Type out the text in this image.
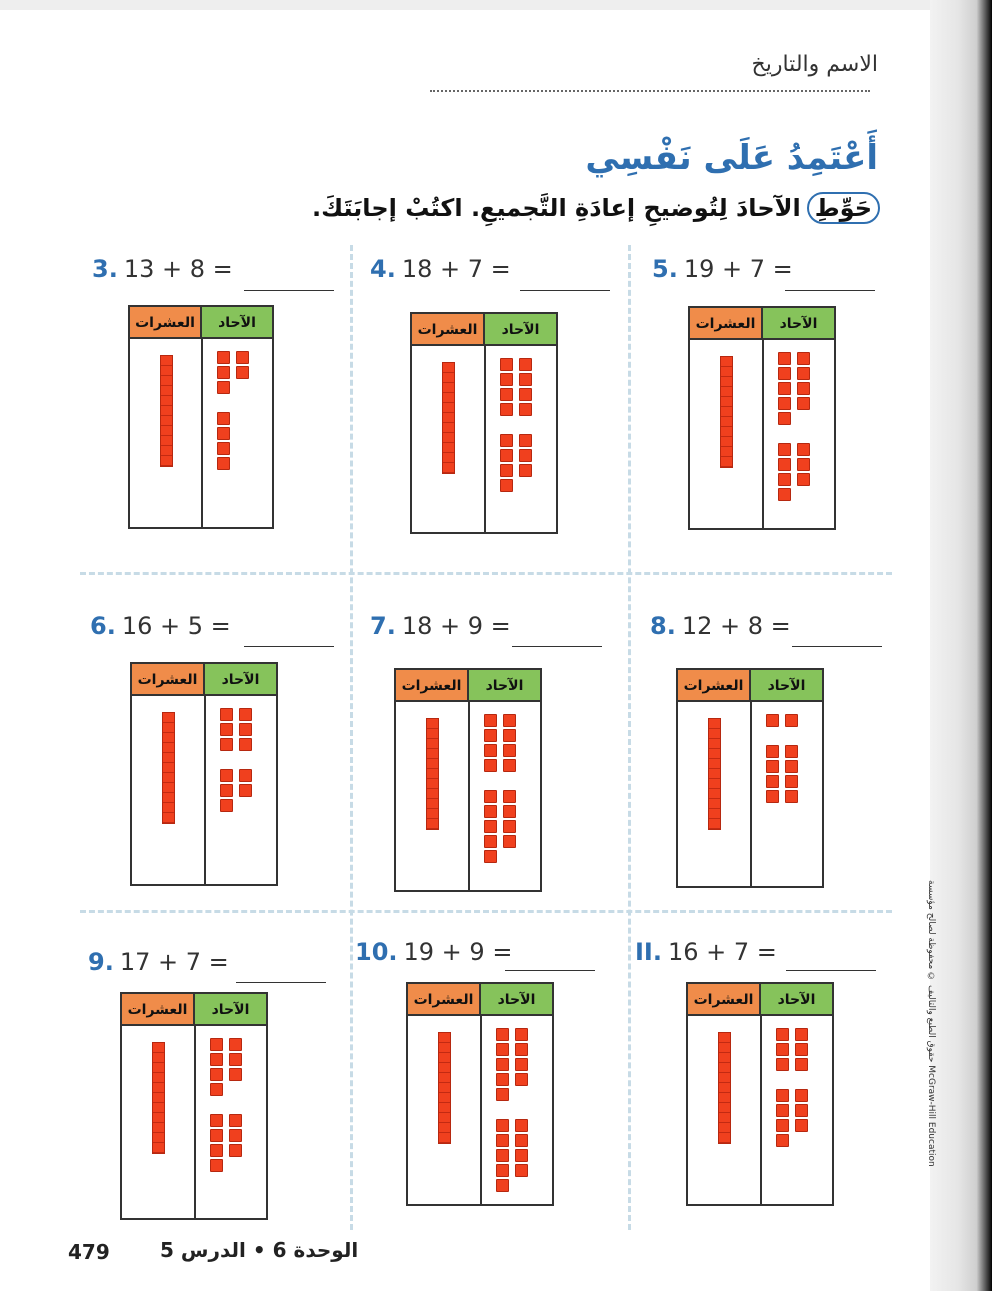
الاسم والتاريخ
أَعْتَمِدُ عَلَى نَفْسِي
حَوِّطِالآحادَ لِتُوضيحِ إعادَةِ التَّجميعِ. اكتُبْ إجابَتَكَ.
3. 13 + 8 =
العشرات	الآحاد
4. 18 + 7 =
العشرات	الآحاد
5. 19 + 7 =
العشرات	الآحاد
6. 16 + 5 =
العشرات	الآحاد
7. 18 + 9 =
العشرات	الآحاد
8. 12 + 8 =
العشرات	الآحاد
9. 17 + 7 =
العشرات	الآحاد
10. 19 + 9 =
العشرات	الآحاد
II. 16 + 7 =
العشرات	الآحاد
479	الوحدة 6 • الدرس 5
حقوق الطبع والتأليف © محفوظة لصالح مؤسسة McGraw-Hill Education
